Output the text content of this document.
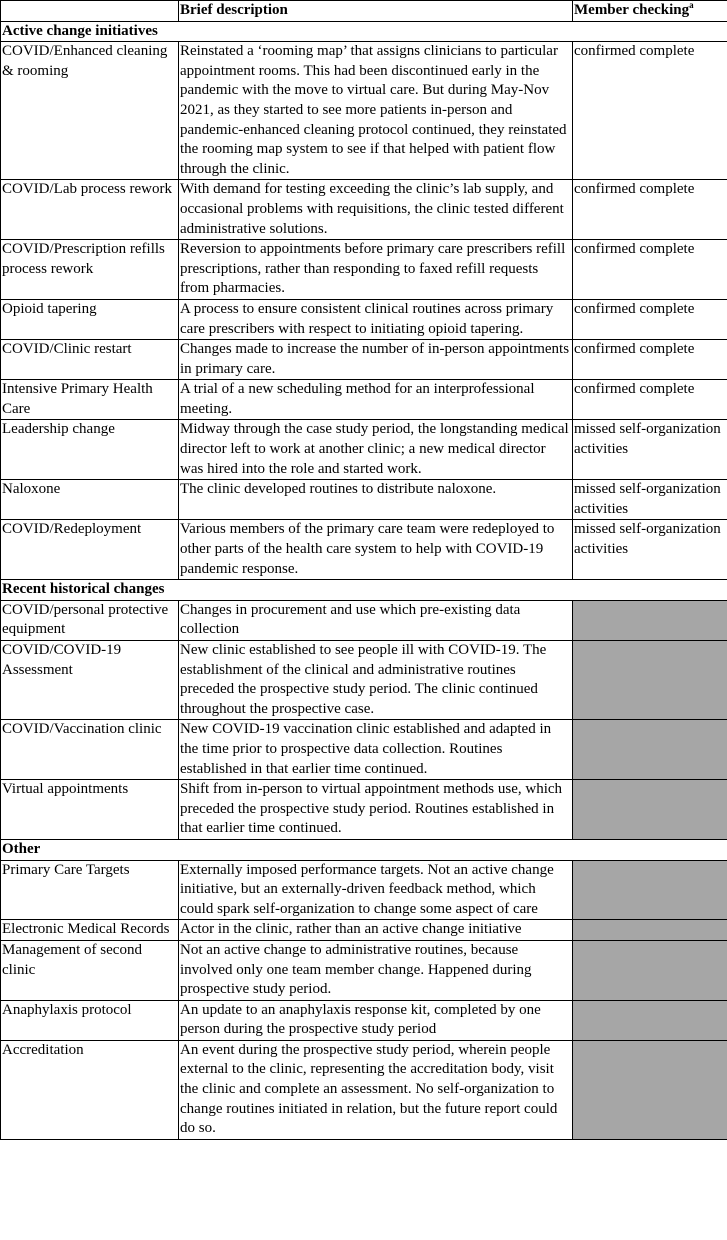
	Brief description	Member checking$^a$
Active change initiatives		
COVID/Enhanced cleaning & rooming	Reinstated a ‘rooming map’ that assigns clinicians to particular appointment rooms. This had been discontinued early in the pandemic with the move to virtual care. But during May-Nov 2021, as they started to see more patients in-person and pandemic-enhanced cleaning protocol continued, they reinstated the rooming map system to see if that helped with patient flow through the clinic.	confirmed complete
COVID/Lab process rework	With demand for testing exceeding the clinic’s lab supply, and occasional problems with requisitions, the clinic tested different administrative solutions.	confirmed complete
COVID/Prescription refills process rework	Reversion to appointments before primary care prescribers refill prescriptions, rather than responding to faxed refill requests from pharmacies.	confirmed complete
Opioid tapering	A process to ensure consistent clinical routines across primary care prescribers with respect to initiating opioid tapering.	confirmed complete
COVID/Clinic restart	Changes made to increase the number of in-person appointments in primary care.	confirmed complete
Intensive Primary Health Care	A trial of a new scheduling method for an interprofessional meeting.	confirmed complete
Leadership change	Midway through the case study period, the longstanding medical director left to work at another clinic; a new medical director was hired into the role and started work.	missed self-organization activities
Naloxone	The clinic developed routines to distribute naloxone.	missed self-organization activities
COVID/Redeployment	Various members of the primary care team were redeployed to other parts of the health care system to help with COVID-19 pandemic response.	missed self-organization activities
Recent historical changes		
COVID/personal protective equipment	Changes in procurement and use which pre-existing data collection	
COVID/COVID-19 Assessment	New clinic established to see people ill with COVID-19. The establishment of the clinical and administrative routines preceded the prospective study period. The clinic continued throughout the prospective case.	
COVID/Vaccination clinic	New COVID-19 vaccination clinic established and adapted in the time prior to prospective data collection. Routines established in that earlier time continued.	
Virtual appointments	Shift from in-person to virtual appointment methods use, which preceded the prospective study period. Routines established in that earlier time continued.	
Other		
Primary Care Targets	Externally imposed performance targets. Not an active change initiative, but an externally-driven feedback method, which could spark self-organization to change some aspect of care	
Electronic Medical Records	Actor in the clinic, rather than an active change initiative	
Management of second clinic	Not an active change to administrative routines, because involved only one team member change. Happened during prospective study period.	
Anaphylaxis protocol	An update to an anaphylaxis response kit, completed by one person during the prospective study period	
Accreditation	An event during the prospective study period, wherein people external to the clinic, representing the accreditation body, visit the clinic and complete an assessment. No self-organization to change routines initiated in relation, but the future report could do so.	
